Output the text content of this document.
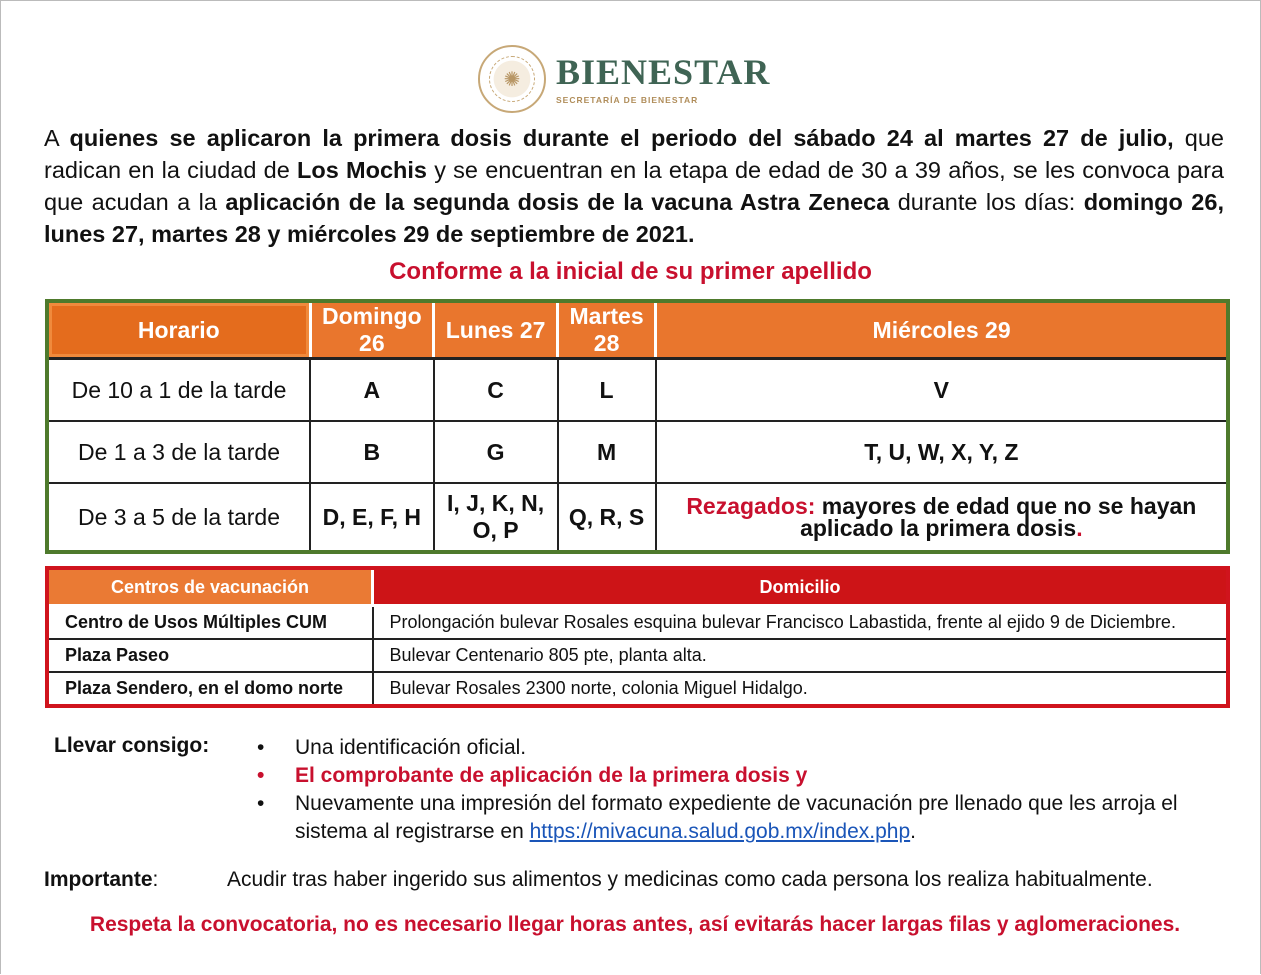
✺ BIENESTAR
SECRETARÍA DE BIENESTAR
A quienes se aplicaron la primera dosis durante el periodo del sábado 24 al martes 27 de julio, que radican en la ciudad de Los Mochis y se encuentran en la etapa de edad de 30 a 39 años, se les convoca para que acudan a la aplicación de la segunda dosis de la vacuna Astra Zeneca durante los días: domingo 26, lunes 27, martes 28 y miércoles 29 de septiembre de 2021.
Conforme a la inicial de su primer apellido
Horario	Domingo 26	Lunes 27	Martes 28	Miércoles 29
De 10 a 1 de la tarde	A	C	L	V
De 1 a 3 de la tarde	B	G	M	T, U, W, X, Y, Z
De 3 a 5 de la tarde	D, E, F, H	I, J, K, N, O, P	Q, R, S	Rezagados: mayores de edad que no se hayan aplicado la primera dosis.
Centros de vacunación	Domicilio
Centro de Usos Múltiples CUM	Prolongación bulevar Rosales esquina bulevar Francisco Labastida, frente al ejido 9 de Diciembre.
Plaza Paseo	Bulevar Centenario 805 pte, planta alta.
Plaza Sendero, en el domo norte	Bulevar Rosales 2300 norte, colonia Miguel Hidalgo.
Llevar consigo: • Una identificación oficial.
• El comprobante de aplicación de la primera dosis y
• Nuevamente una impresión del formato expediente de vacunación pre llenado que les arroja el sistema al registrarse en https://mivacuna.salud.gob.mx/index.php.
Importante:	Acudir tras haber ingerido sus alimentos y medicinas como cada persona los realiza habitualmente.
Respeta la convocatoria, no es necesario llegar horas antes, así evitarás hacer largas filas y aglomeraciones.
